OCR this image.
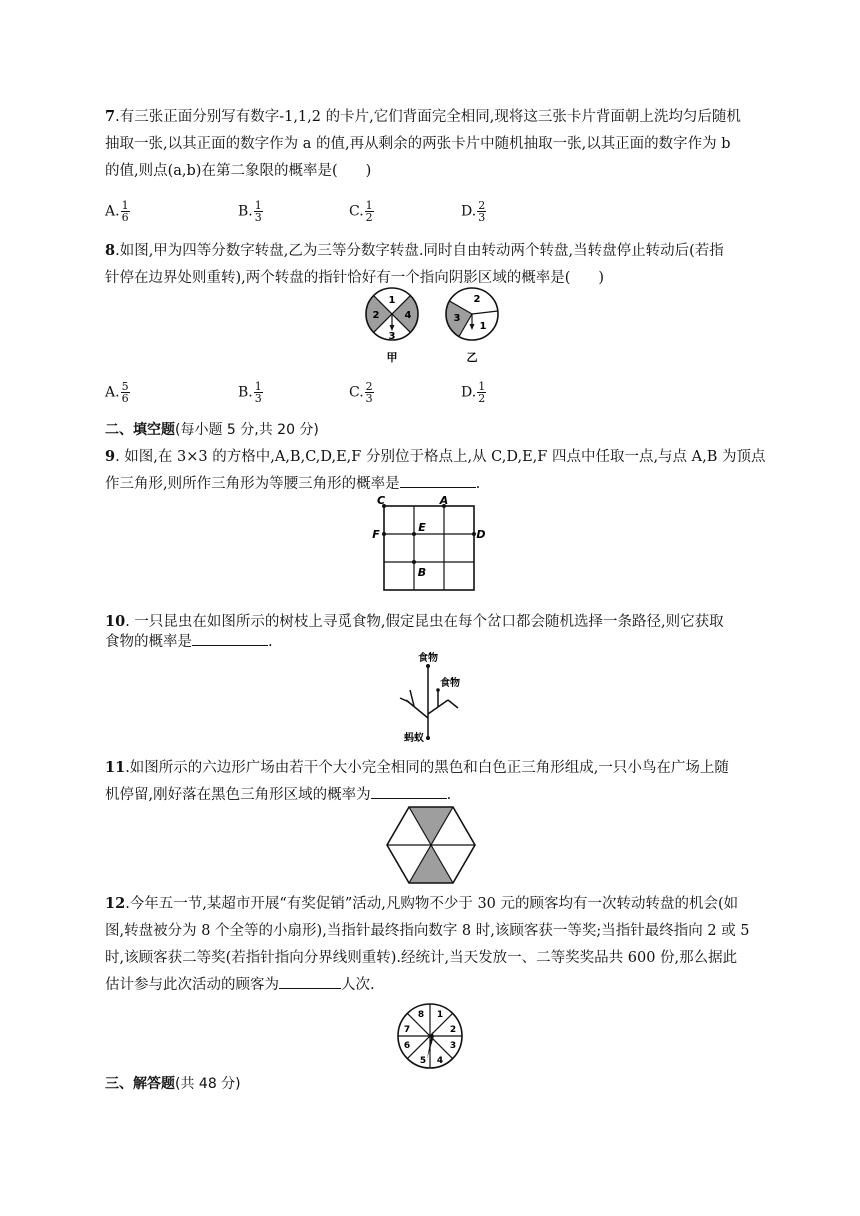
7.有三张正面分别写有数字-1,1,2 的卡片,它们背面完全相同,现将这三张卡片背面朝上洗均匀后随机
抽取一张,以其正面的数字作为 a 的值,再从剩余的两张卡片中随机抽取一张,以其正面的数字作为 b
的值,则点(a,b)在第二象限的概率是( )
A. $\frac{1}{6}$	B. $\frac{1}{3}$	C. $\frac{1}{2}$	D. $\frac{2}{3}$
8.如图,甲为四等分数字转盘,乙为三等分数字转盘.同时自由转动两个转盘,当转盘停止转动后(若指
针停在边界处则重转),两个转盘的指针恰好有一个指向阴影区域的概率是( )
1
2
3
4
甲
2
3
1
乙
A. $\frac{5}{6}$	B. $\frac{1}{3}$	C. $\frac{2}{3}$	D. $\frac{1}{2}$
二、填空题(每小题 5 分,共 20 分)
9. 如图,在 3×3 的方格中,A,B,C,D,E,F 分别位于格点上,从 C,D,E,F 四点中任取一点,与点 A,B 为顶点
作三角形,则所作三角形为等腰三角形的概率是	.
C	A
F
E
D
B
10. 一只昆虫在如图所示的树枝上寻觅食物,假定昆虫在每个岔口都会随机选择一条路径,则它获取
食物的概率是	.
食物
食物
蚂蚁
11.如图所示的六边形广场由若干个大小完全相同的黑色和白色正三角形组成,一只小鸟在广场上随
机停留,刚好落在黑色三角形区域的概率为	.
12.今年五一节,某超市开展“有奖促销”活动,凡购物不少于 30 元的顾客均有一次转动转盘的机会(如
图,转盘被分为 8 个全等的小扇形),当指针最终指向数字 8 时,该顾客获一等奖;当指针最终指向 2 或 5
时,该顾客获二等奖(若指针指向分界线则重转).经统计,当天发放一、二等奖奖品共 600 份,那么据此
估计参与此次活动的顾客为	人次.
1
2
3
4
5
6
7
8
三、解答题(共 48 分)
